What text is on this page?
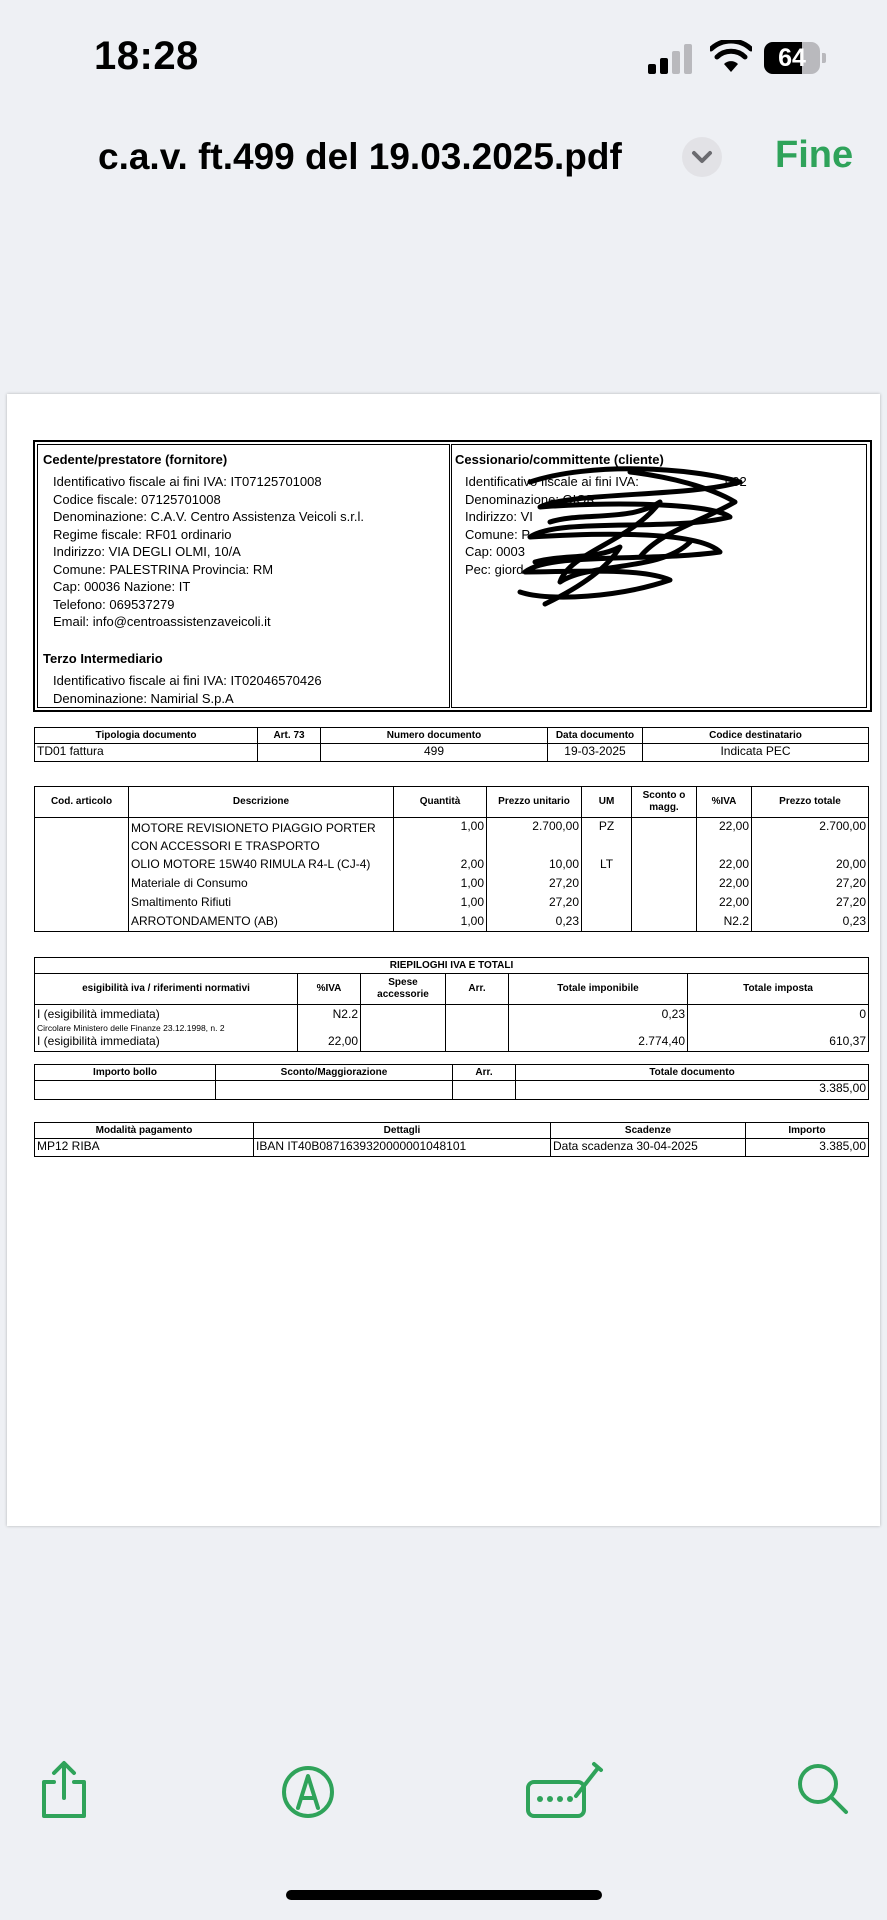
18:28	64
c.a.v. ft.499 del 19.03.2025.pdf	Fine
Cedente/prestatore (fornitore)
Identificativo fiscale ai fini IVA: IT07125701008
Codice fiscale: 07125701008
Denominazione: C.A.V. Centro Assistenza Veicoli s.r.l.
Regime fiscale: RF01 ordinario
Indirizzo: VIA DEGLI OLMI, 10/A
Comune: PALESTRINA Provincia: RM
Cap: 00036 Nazione: IT
Telefono: 069537279
Email: info@centroassistenzaveicoli.it
Terzo Intermediario
Identificativo fiscale ai fini IVA: IT02046570426
Denominazione: Namirial S.p.A
Cessionario/committente (cliente)
Identificativo fiscale ai fini IVA:
Denominazione: GIOR
Indirizzo: VI
Comune: P
Cap: 0003
Pec: giord
002
Tipologia documento	Art. 73	Numero documento	Data documento	Codice destinatario
TD01 fattura		499	19-03-2025	Indicata PEC
Cod. articolo	Descrizione	Quantità	Prezzo unitario	UM	Sconto o magg.	%IVA	Prezzo totale
	MOTORE REVISIONETO PIAGGIO PORTER CON ACCESSORI E TRASPORTO	1,00	2.700,00	PZ		22,00	2.700,00
	OLIO MOTORE 15W40 RIMULA R4-L (CJ-4)	2,00	10,00	LT		22,00	20,00
	Materiale di Consumo	1,00	27,20			22,00	27,20
	Smaltimento Rifiuti	1,00	27,20			22,00	27,20
	ARROTONDAMENTO (AB)	1,00	0,23			N2.2	0,23
RIEPILOGHI IVA E TOTALI					
esigibilità iva / riferimenti normativi	%IVA	Spese accessorie	Arr.	Totale imponibile	Totale imposta

I (esigibilità immediata)
Circolare Ministero delle Finanze 23.12.1998, n. 2	N2.2			0,23	0
I (esigibilità immediata)	22,00			2.774,40	610,37
Importo bollo	Sconto/Maggiorazione	Arr.	Totale documento
			3.385,00
Modalità pagamento	Dettagli	Scadenze	Importo
MP12 RIBA	IBAN IT40B0871639320000001048101	Data scadenza 30-04-2025	3.385,00
